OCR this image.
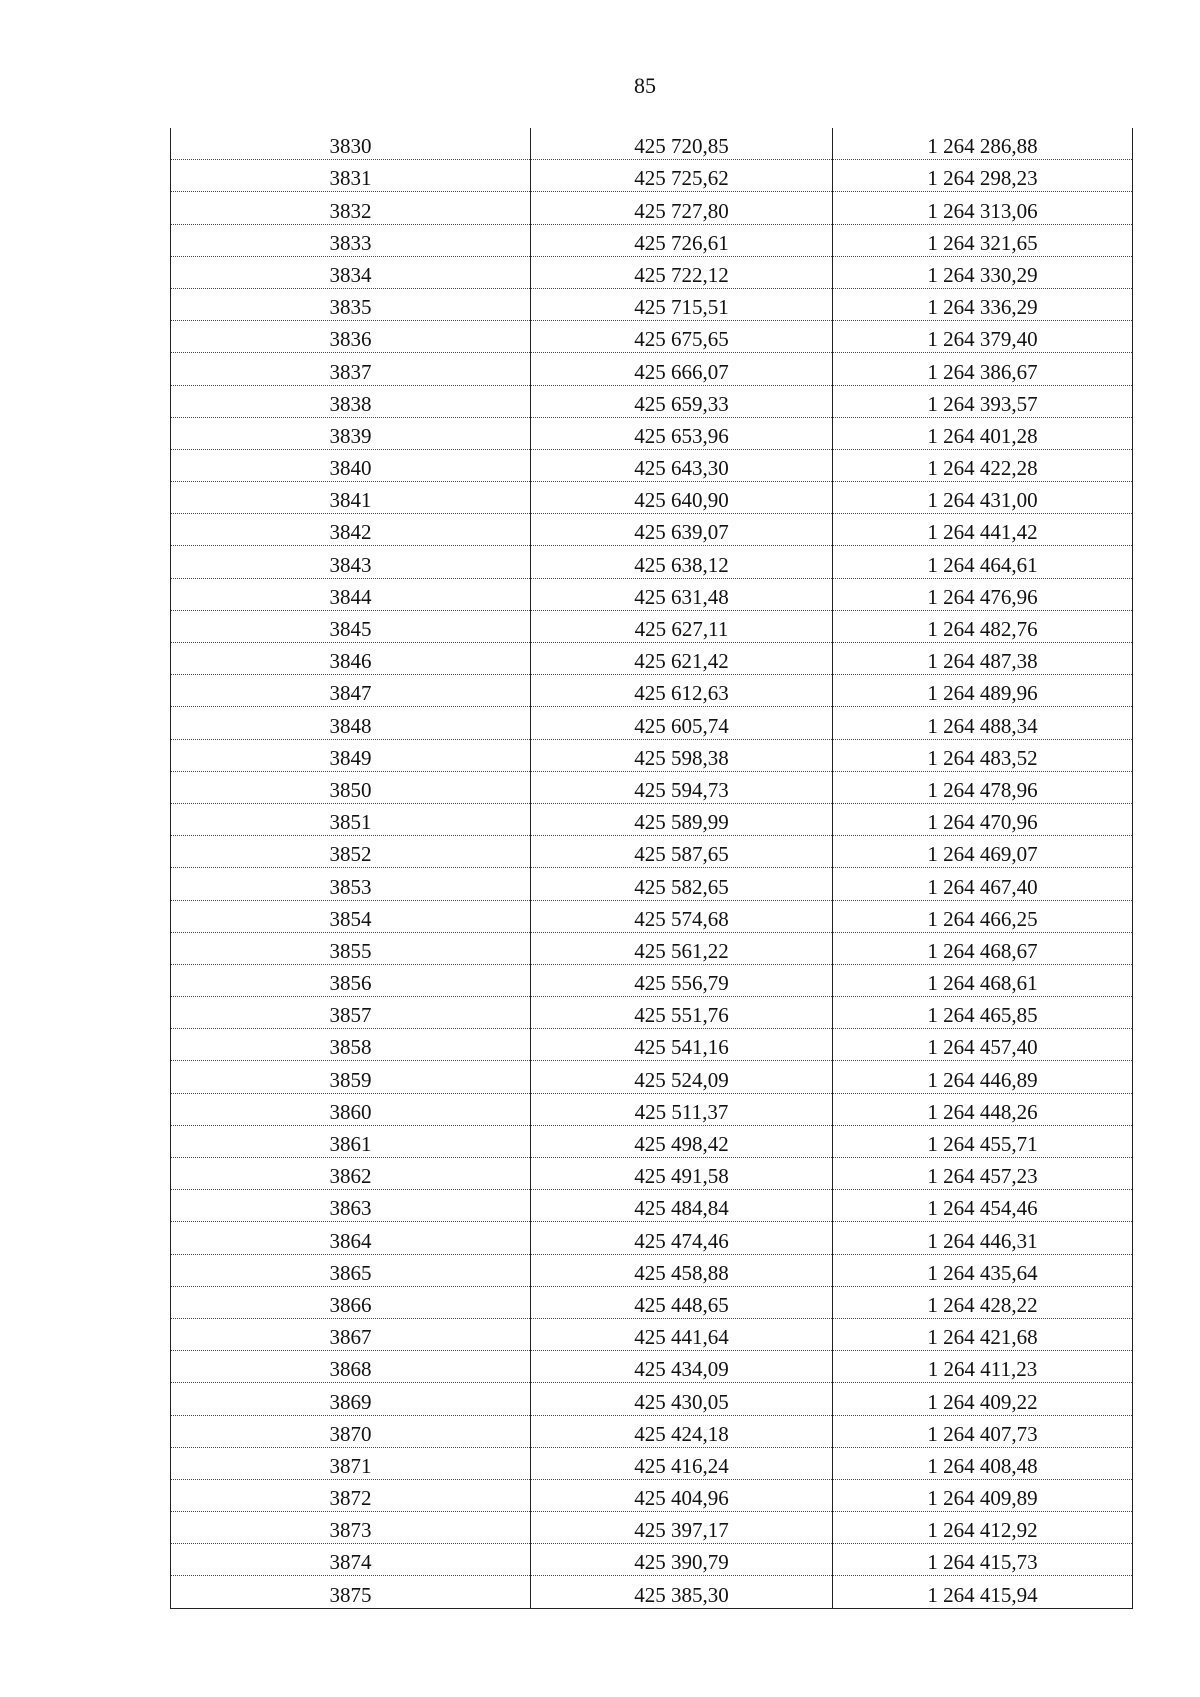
85
3830	425 720,85	1 264 286,88
3831	425 725,62	1 264 298,23
3832	425 727,80	1 264 313,06
3833	425 726,61	1 264 321,65
3834	425 722,12	1 264 330,29
3835	425 715,51	1 264 336,29
3836	425 675,65	1 264 379,40
3837	425 666,07	1 264 386,67
3838	425 659,33	1 264 393,57
3839	425 653,96	1 264 401,28
3840	425 643,30	1 264 422,28
3841	425 640,90	1 264 431,00
3842	425 639,07	1 264 441,42
3843	425 638,12	1 264 464,61
3844	425 631,48	1 264 476,96
3845	425 627,11	1 264 482,76
3846	425 621,42	1 264 487,38
3847	425 612,63	1 264 489,96
3848	425 605,74	1 264 488,34
3849	425 598,38	1 264 483,52
3850	425 594,73	1 264 478,96
3851	425 589,99	1 264 470,96
3852	425 587,65	1 264 469,07
3853	425 582,65	1 264 467,40
3854	425 574,68	1 264 466,25
3855	425 561,22	1 264 468,67
3856	425 556,79	1 264 468,61
3857	425 551,76	1 264 465,85
3858	425 541,16	1 264 457,40
3859	425 524,09	1 264 446,89
3860	425 511,37	1 264 448,26
3861	425 498,42	1 264 455,71
3862	425 491,58	1 264 457,23
3863	425 484,84	1 264 454,46
3864	425 474,46	1 264 446,31
3865	425 458,88	1 264 435,64
3866	425 448,65	1 264 428,22
3867	425 441,64	1 264 421,68
3868	425 434,09	1 264 411,23
3869	425 430,05	1 264 409,22
3870	425 424,18	1 264 407,73
3871	425 416,24	1 264 408,48
3872	425 404,96	1 264 409,89
3873	425 397,17	1 264 412,92
3874	425 390,79	1 264 415,73
3875	425 385,30	1 264 415,94
